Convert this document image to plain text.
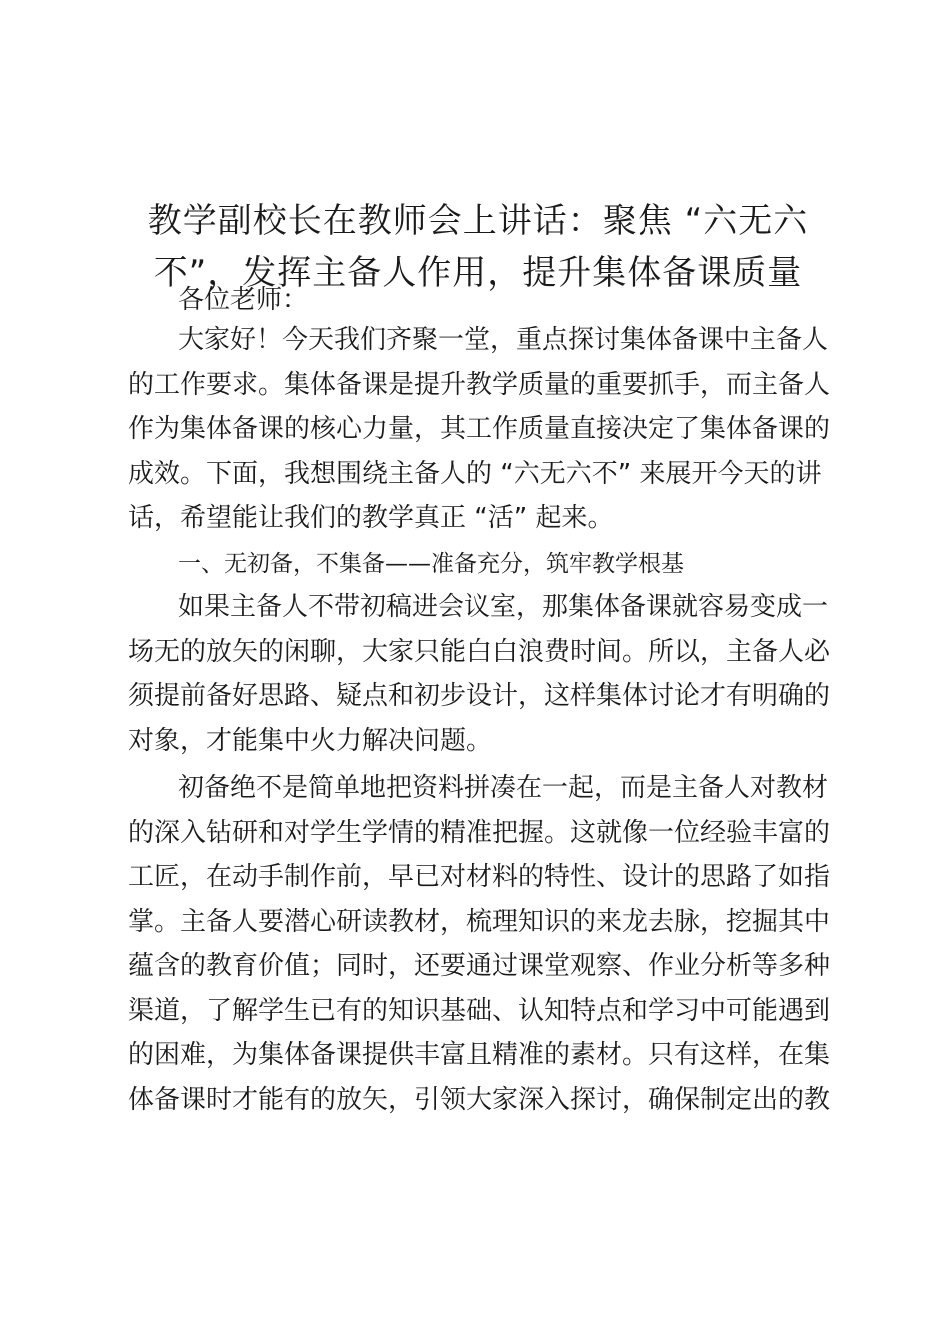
教学副校长在教师会上讲话：聚焦 “六无六
不”，发挥主备人作用，提升集体备课质量

各位老师：

大家好！今天我们齐聚一堂，重点探讨集体备课中主备人
的工作要求。集体备课是提升教学质量的重要抓手，而主备人
作为集体备课的核心力量，其工作质量直接决定了集体备课的
成效。下面，我想围绕主备人的 “六无六不” 来展开今天的讲
话，希望能让我们的教学真正 “活” 起来。

一、无初备，不集备——准备充分，筑牢教学根基

如果主备人不带初稿进会议室，那集体备课就容易变成一
场无的放矢的闲聊，大家只能白白浪费时间。所以，主备人必
须提前备好思路、疑点和初步设计，这样集体讨论才有明确的
对象，才能集中火力解决问题。

初备绝不是简单地把资料拼凑在一起，而是主备人对教材
的深入钻研和对学生学情的精准把握。这就像一位经验丰富的
工匠，在动手制作前，早已对材料的特性、设计的思路了如指
掌。主备人要潜心研读教材，梳理知识的来龙去脉，挖掘其中
蕴含的教育价值；同时，还要通过课堂观察、作业分析等多种
渠道，了解学生已有的知识基础、认知特点和学习中可能遇到
的困难，为集体备课提供丰富且精准的素材。只有这样，在集
体备课时才能有的放矢，引领大家深入探讨，确保制定出的教
